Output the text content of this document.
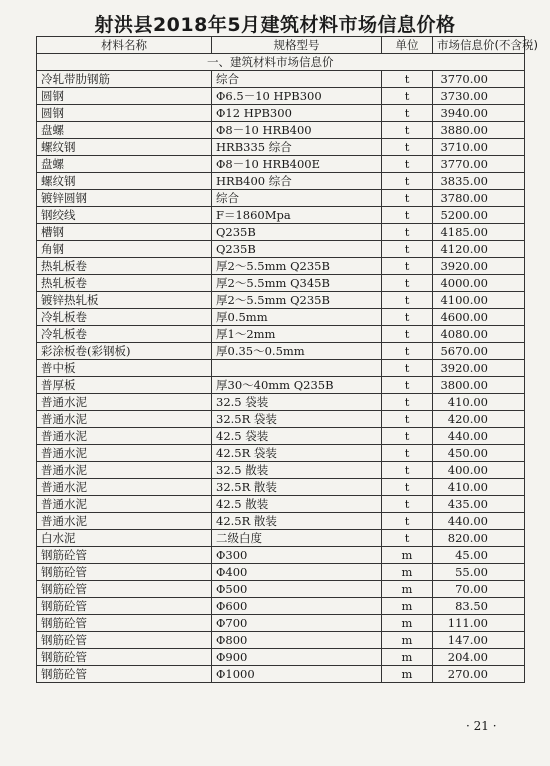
射洪县2018年5月建筑材料市场信息价格
材料名称	规格型号	单位	市场信息价(不含税)
一、建筑材料市场信息价			
冷轧带肋钢筋	综合	t	3770.00
圆钢	Φ6.5－10 HPB300	t	3730.00
圆钢	Φ12 HPB300	t	3940.00
盘螺	Φ8－10 HRB400	t	3880.00
螺纹钢	HRB335 综合	t	3710.00
盘螺	Φ8－10 HRB400E	t	3770.00
螺纹钢	HRB400 综合	t	3835.00
镀锌圆钢	综合	t	3780.00
钢绞线	F＝1860Mpa	t	5200.00
槽钢	Q235B	t	4185.00
角钢	Q235B	t	4120.00
热轧板卷	厚2～5.5mm Q235B	t	3920.00
热轧板卷	厚2～5.5mm Q345B	t	4000.00
镀锌热轧板	厚2～5.5mm Q235B	t	4100.00
冷轧板卷	厚0.5mm	t	4600.00
冷轧板卷	厚1～2mm	t	4080.00
彩涂板卷(彩钢板)	厚0.35～0.5mm	t	5670.00
普中板		t	3920.00
普厚板	厚30～40mm Q235B	t	3800.00
普通水泥	32.5 袋装	t	410.00
普通水泥	32.5R 袋装	t	420.00
普通水泥	42.5 袋装	t	440.00
普通水泥	42.5R 袋装	t	450.00
普通水泥	32.5 散装	t	400.00
普通水泥	32.5R 散装	t	410.00
普通水泥	42.5 散装	t	435.00
普通水泥	42.5R 散装	t	440.00
白水泥	二级白度	t	820.00
钢筋砼管	Φ300	m	45.00
钢筋砼管	Φ400	m	55.00
钢筋砼管	Φ500	m	70.00
钢筋砼管	Φ600	m	83.50
钢筋砼管	Φ700	m	111.00
钢筋砼管	Φ800	m	147.00
钢筋砼管	Φ900	m	204.00
钢筋砼管	Φ1000	m	270.00
· 21 ·
